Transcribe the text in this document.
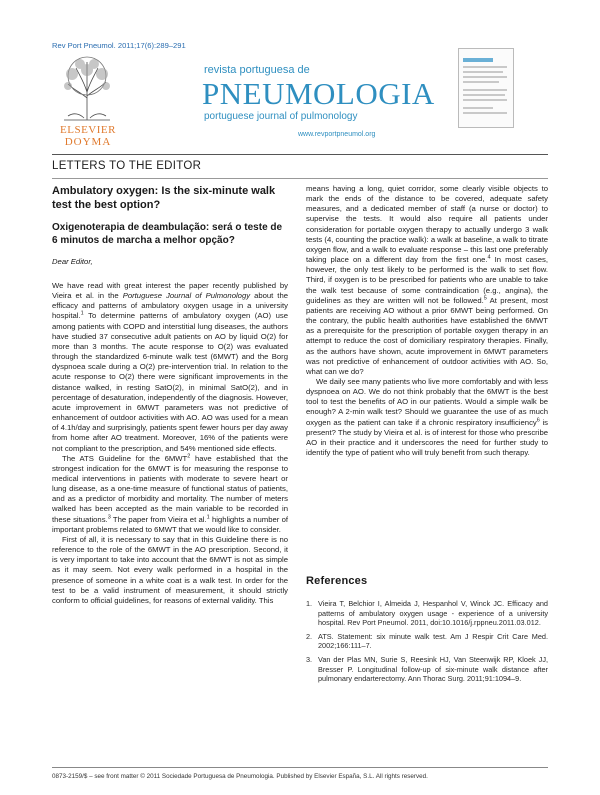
Rev Port Pneumol. 2011;17(6):289–291
ELSEVIER
DOYMA
revista portuguesa de
PNEUMOLOGIA
portuguese journal of pulmonology
www.revportpneumol.org
LETTERS TO THE EDITOR
Ambulatory oxygen: Is the six-minute walk test the best option?
Oxigenoterapia de deambulação: será o teste de 6 minutos de marcha a melhor opção?
Dear Editor,

We have read with great interest the paper recently published by Vieira et al. in the Portuguese Journal of Pulmonology about the efficacy and patterns of ambulatory oxygen usage in a university hospital.$^1$ To determine patterns of ambulatory oxygen (AO) use among patients with COPD and interstitial lung diseases, the authors have studied 37 consecutive adult patients on AO by liquid O(2) for more than 3 months. The acute response to O(2) was evaluated through the standardized 6-minute walk test (6MWT) and the Borg dyspnoea scale during a O(2) pre-intervention trial. In relation to the acute response to O(2) there were significant improvements in the distance walked, in resting SatO(2), in minimal SatO(2), and in percentage of desaturation, independently of the diagnosis. However, acute improvement in 6MWT parameters was not predictive of enhancement of outdoor activities with AO. AO was used for a mean of 4.1h/day and surprisingly, patients spent fewer hours per day away from home after AO treatment. Moreover, 16% of the patients were not compliant to the prescription, and 54% mentioned side effects.

The ATS Guideline for the 6MWT$^2$ have established that the strongest indication for the 6MWT is for measuring the response to medical interventions in patients with moderate to severe heart or lung disease, as a one-time measure of functional status of patients, and as a predictor of morbidity and mortality. The number of meters walked has been accepted as the main variable to be recorded in these situations.$^3$ The paper from Vieira et al.$^1$ highlights a number of important problems related to 6MWT that we would like to consider.

First of all, it is necessary to say that in this Guideline there is no reference to the role of the 6MWT in the AO prescription. Second, it is very important to take into account that the 6MWT is not as simple as it may seem. Not every walk performed in a hospital in the presence of someone in a white coat is a walk test. In order for the test to be a valid instrument of measurement, it should strictly conform to official guidelines, for reasons of external validity. This

means having a long, quiet corridor, some clearly visible objects to mark the ends of the distance to be covered, adequate safety measures, and a dedicated member of staff (a nurse or doctor) to supervise the tests. It would also require all patients under consideration for portable oxygen therapy to actually undergo 3 walk tests (4, counting the practice walk): a walk at baseline, a walk to titrate oxygen flow, and a walk to evaluate response – this last one preferably taking place on a different day from the first one.$^4$ In most cases, however, the only test likely to be performed is the walk to set flow. Third, if oxygen is to be prescribed for patients who are unable to take the walk test because of some contraindication (e.g., angina), the guidelines as they are written will not be followed.$^5$ At present, most patients are receiving AO without a prior 6MWT being performed. On the contrary, the public health authorities have established the 6MWT as a prerequisite for the prescription of portable oxygen therapy in an attempt to reduce the cost of domiciliary respiratory therapies. Finally, as the authors have shown, acute improvement in 6MWT parameters was not predictive of enhancement of outdoor activities with AO. So, what can we do?

We daily see many patients who live more comfortably and with less dyspnoea on AO. We do not think probably that the 6MWT is the best tool to test the benefits of AO in our patients. Would a simple walk be enough? A 2-min walk test? Should we guarantee the use of as much oxygen as the patient can take if a chronic respiratory insufficiency$^6$ is present? The study by Vieira et al. is of interest for those who prescribe AO in their practice and it underscores the need for further study to identify the type of patient who will truly benefit from such therapy.

References
1. Vieira T, Belchior I, Almeida J, Hespanhol V, Winck JC. Efficacy and patterns of ambulatory oxygen usage - experience of a university hospital. Rev Port Pneumol. 2011, doi:10.1016/j.rppneu.2011.03.012.
2. ATS. Statement: six minute walk test. Am J Respir Crit Care Med. 2002;166:111–7.
3. Van der Plas MN, Surie S, Reesink HJ, Van Steenwijk RP, Kloek JJ, Bresser P. Longitudinal follow-up of six-minute walk distance after pulmonary endarterectomy. Ann Thorac Surg. 2011;91:1094–9.
0873-2159/$ – see front matter © 2011 Sociedade Portuguesa de Pneumologia. Published by Elsevier España, S.L. All rights reserved.
